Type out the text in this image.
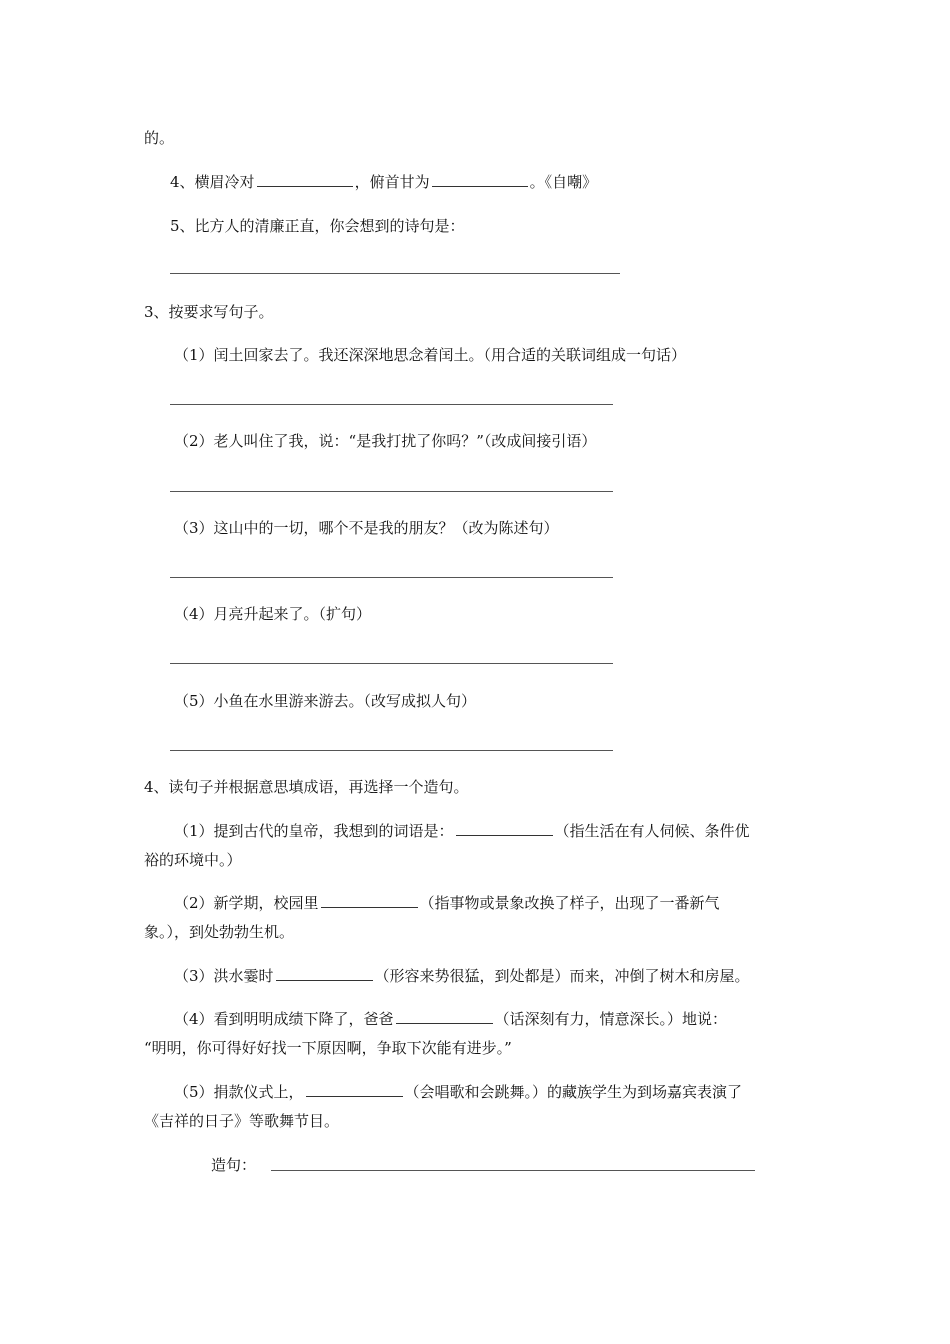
的。
4、横眉冷对	，俯首甘为	。《自嘲》
5、比方人的清廉正直，你会想到的诗句是：
3、按要求写句子。
（1）闰土回家去了。我还深深地思念着闰土。（用合适的关联词组成一句话）
（2）老人叫住了我，说：“是我打扰了你吗？”（改成间接引语）
（3）这山中的一切，哪个不是我的朋友？（改为陈述句）
（4）月亮升起来了。（扩句）
（5）小鱼在水里游来游去。（改写成拟人句）
4、读句子并根据意思填成语，再选择一个造句。
（1）提到古代的皇帝，我想到的词语是：	（指生活在有人伺候、条件优
裕的环境中。）
（2）新学期，校园里	（指事物或景象改换了样子，出现了一番新气
象。），到处勃勃生机。
（3）洪水霎时	（形容来势很猛，到处都是）而来，冲倒了树木和房屋。
（4）看到明明成绩下降了，爸爸	（话深刻有力，情意深长。）地说：
“明明，你可得好好找一下原因啊，争取下次能有进步。”
（5）捐款仪式上，	（会唱歌和会跳舞。）的藏族学生为到场嘉宾表演了
《吉祥的日子》等歌舞节目。
造句：
